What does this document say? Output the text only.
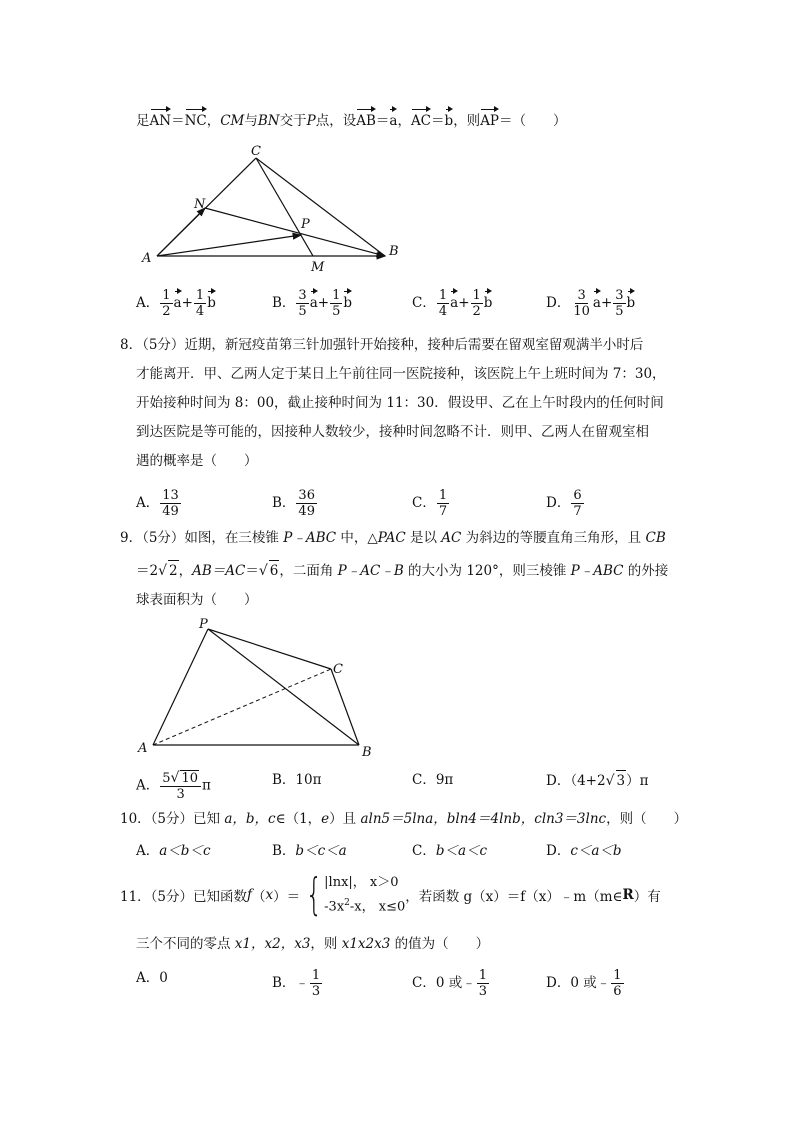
足AN＝NC，CM与BN交于P点，设AB＝a，AC＝b，则AP＝（　　）
C
N
P
A
M
B
A． $\frac{1}{2} a+ \frac{1}{4}$ b	B． $\frac{3}{5} a+ \frac{1}{5}$ b	C． $\frac{1}{4} a+ \frac{1}{2}$ b	D． $\frac{3}{10} a+ \frac{3}{5}$ b
8．（5分）近期，新冠疫苗第三针加强针开始接种，接种后需要在留观室留观满半小时后
才能离开．甲、乙两人定于某日上午前往同一医院接种，该医院上午上班时间为 7：30，
开始接种时间为 8：00，截止接种时间为 11：30．假设甲、乙在上午时段内的任何时间
到达医院是等可能的，因接种人数较少，接种时间忽略不计．则甲、乙两人在留观室相
遇的概率是（　　）
A． $\frac{13}{49}$	B． $\frac{36}{49}$	C． $\frac{1}{7}$	D． $\frac{6}{7}$
9．（5分）如图，在三棱锥 P﹣ABC 中，△PAC 是以 AC 为斜边的等腰直角三角形，且 CB
＝2√ 2，AB＝AC＝√ 6，二面角 P﹣AC﹣B 的大小为 120°，则三棱锥 P﹣ABC 的外接
球表面积为（　　）
P
C
A	B
A． $\frac{5√ 10}{3}$ π	B．10π	C．9π	D．（4+2√ 3）π
10．（5分）已知 a，b，c∈（1，e）且 aln5＝5lna，bln4＝4lnb，cln3＝3lnc，则（　　）
A．a＜b＜c	B．b＜c＜a	C．b＜a＜c	D．c＜a＜b
11．（5分）已知函数 f （ x ）＝ { |lnx|， x＞0
$-3x^2-x$， x≤0
，若函数 g（x）＝f（x）﹣m（m∈ R ）有
三个不同的零点 x1，x2，x3，则 x1x2x3 的值为（　　）
A．0	B．﹣ $\frac{1}{3}$	C．0 或﹣ $\frac{1}{3}$	D．0 或﹣ $\frac{1}{6}$
